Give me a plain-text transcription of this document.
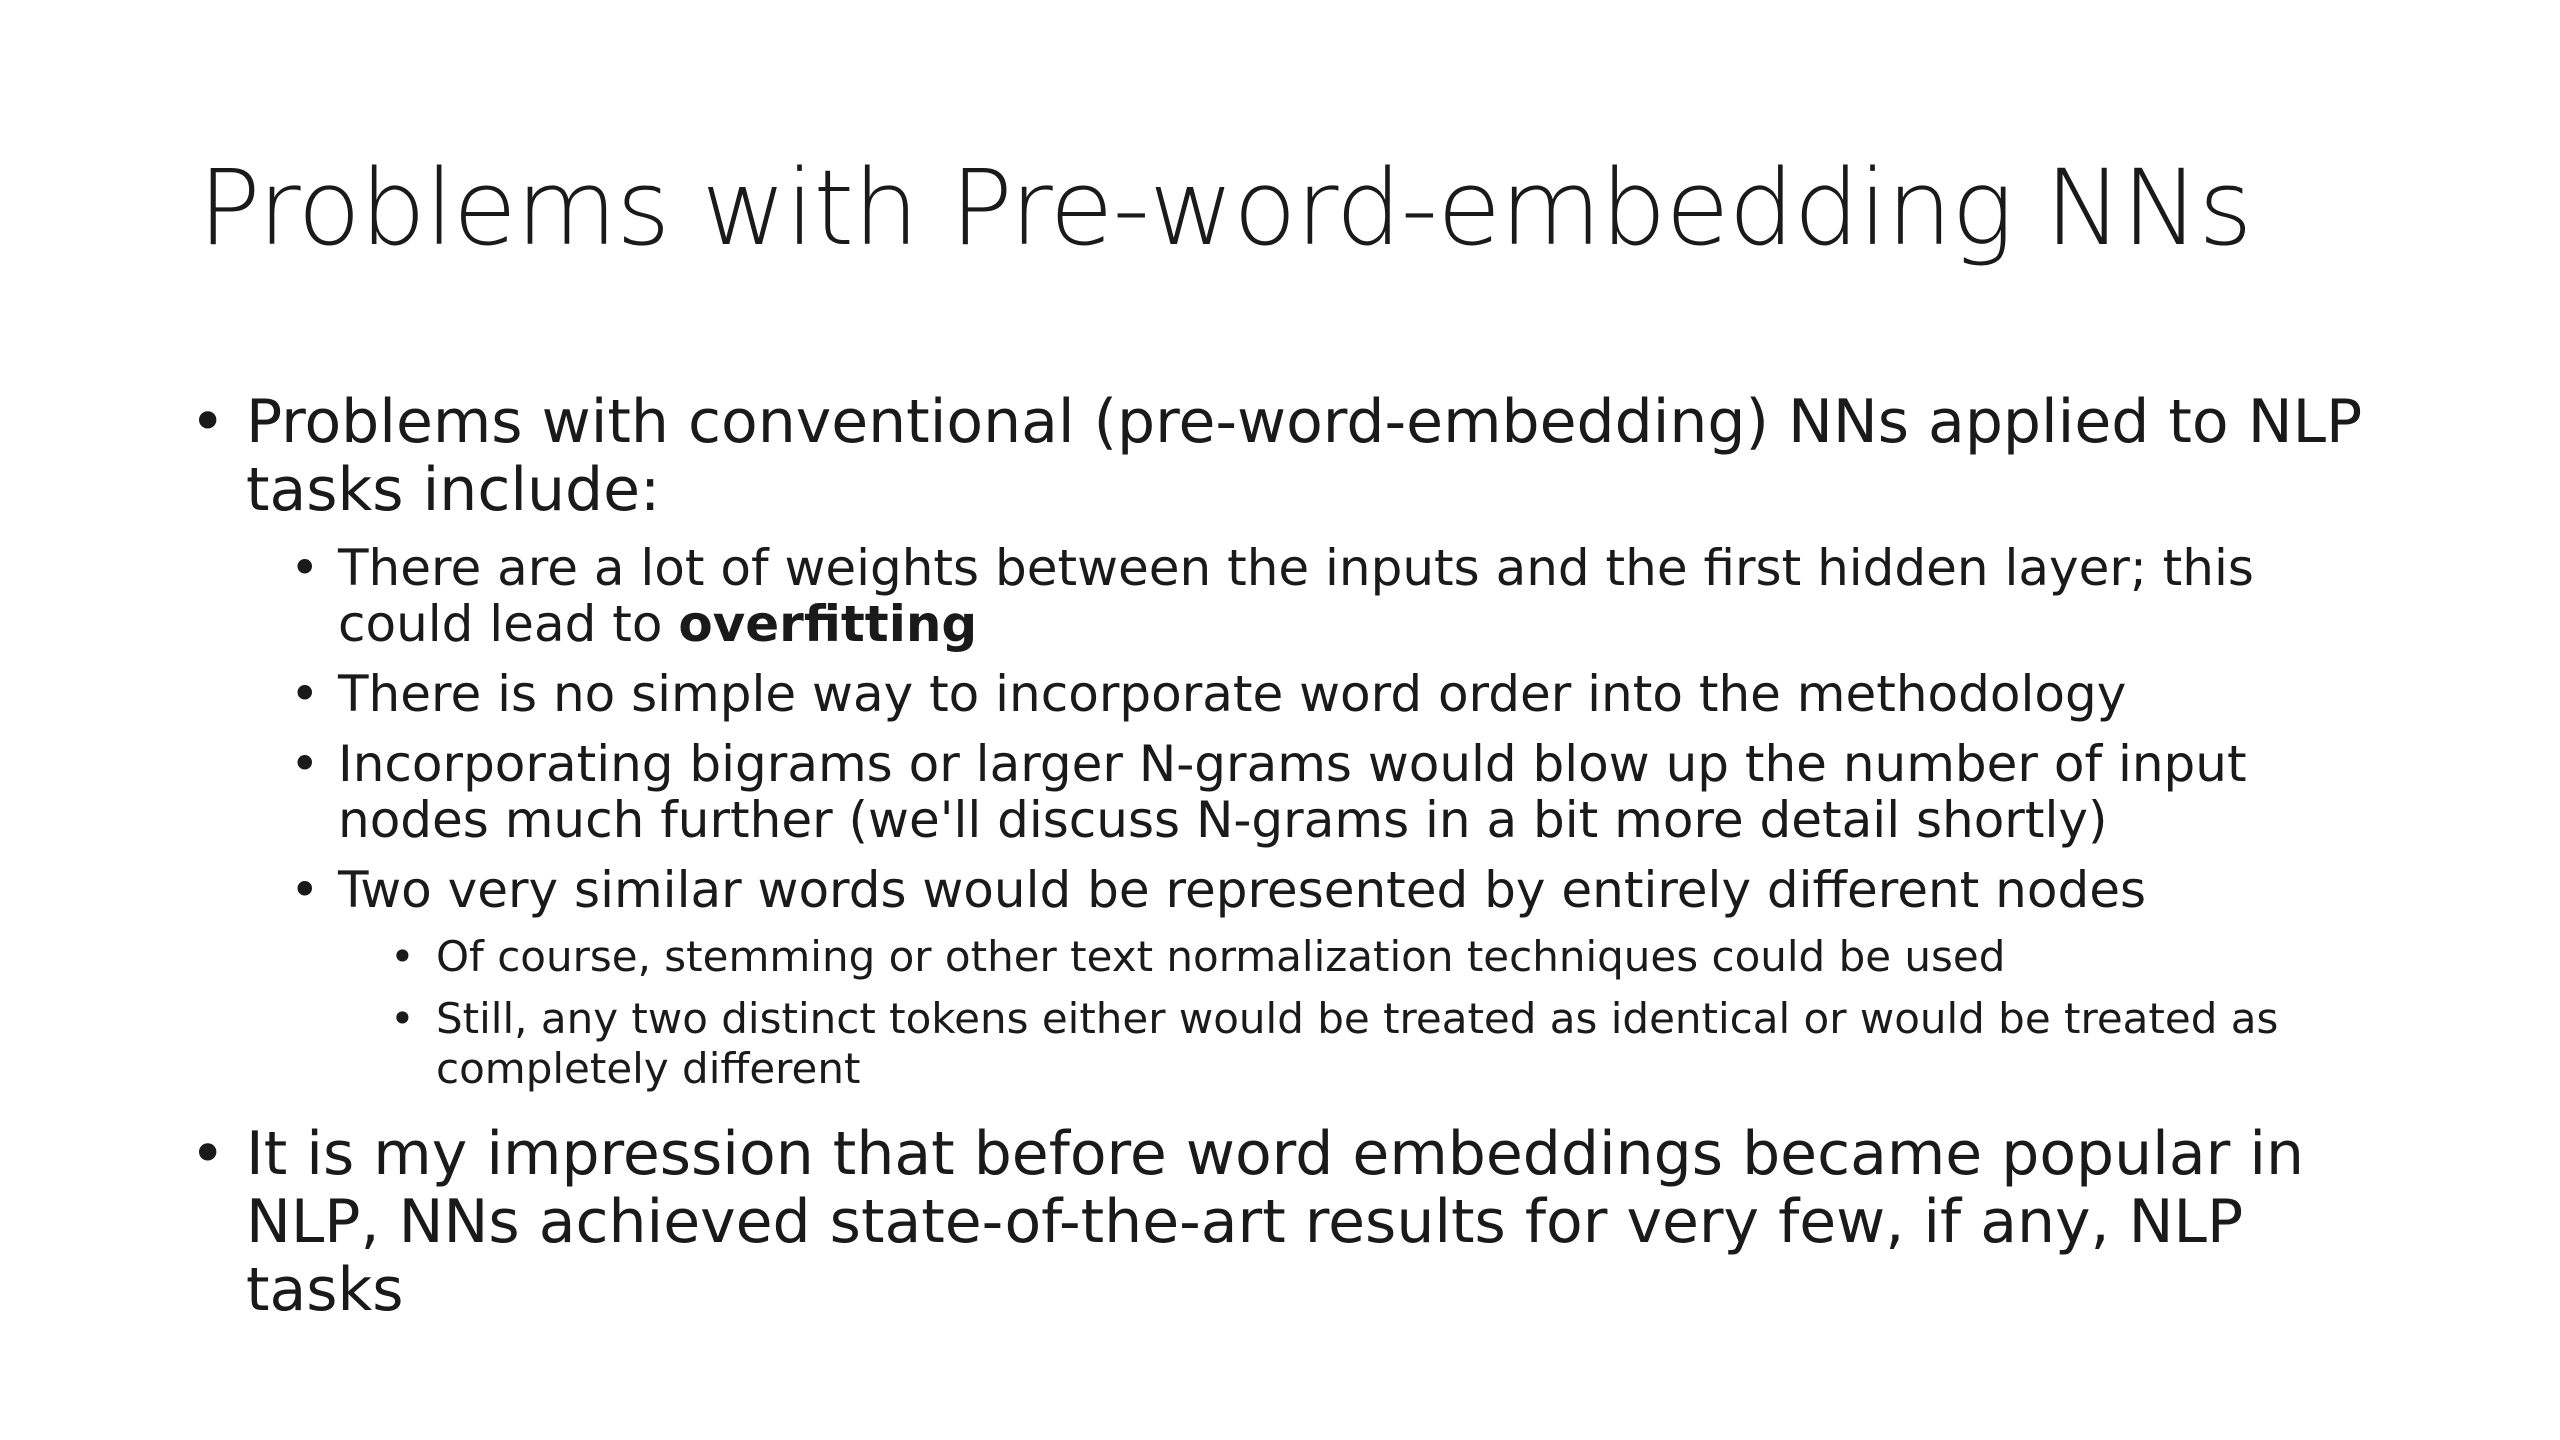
Problems with Pre-word-embedding NNs
• Problems with conventional (pre-word-embedding) NNs applied to NLP tasks include:
• There are a lot of weights between the inputs and the first hidden layer; this could lead to overfitting
• There is no simple way to incorporate word order into the methodology
• Incorporating bigrams or larger N-grams would blow up the number of input nodes much further (we'll discuss N-grams in a bit more detail shortly)
• Two very similar words would be represented by entirely different nodes
• Of course, stemming or other text normalization techniques could be used
• Still, any two distinct tokens either would be treated as identical or would be treated as completely different
• It is my impression that before word embeddings became popular in NLP, NNs achieved state-of-the-art results for very few, if any, NLP tasks
